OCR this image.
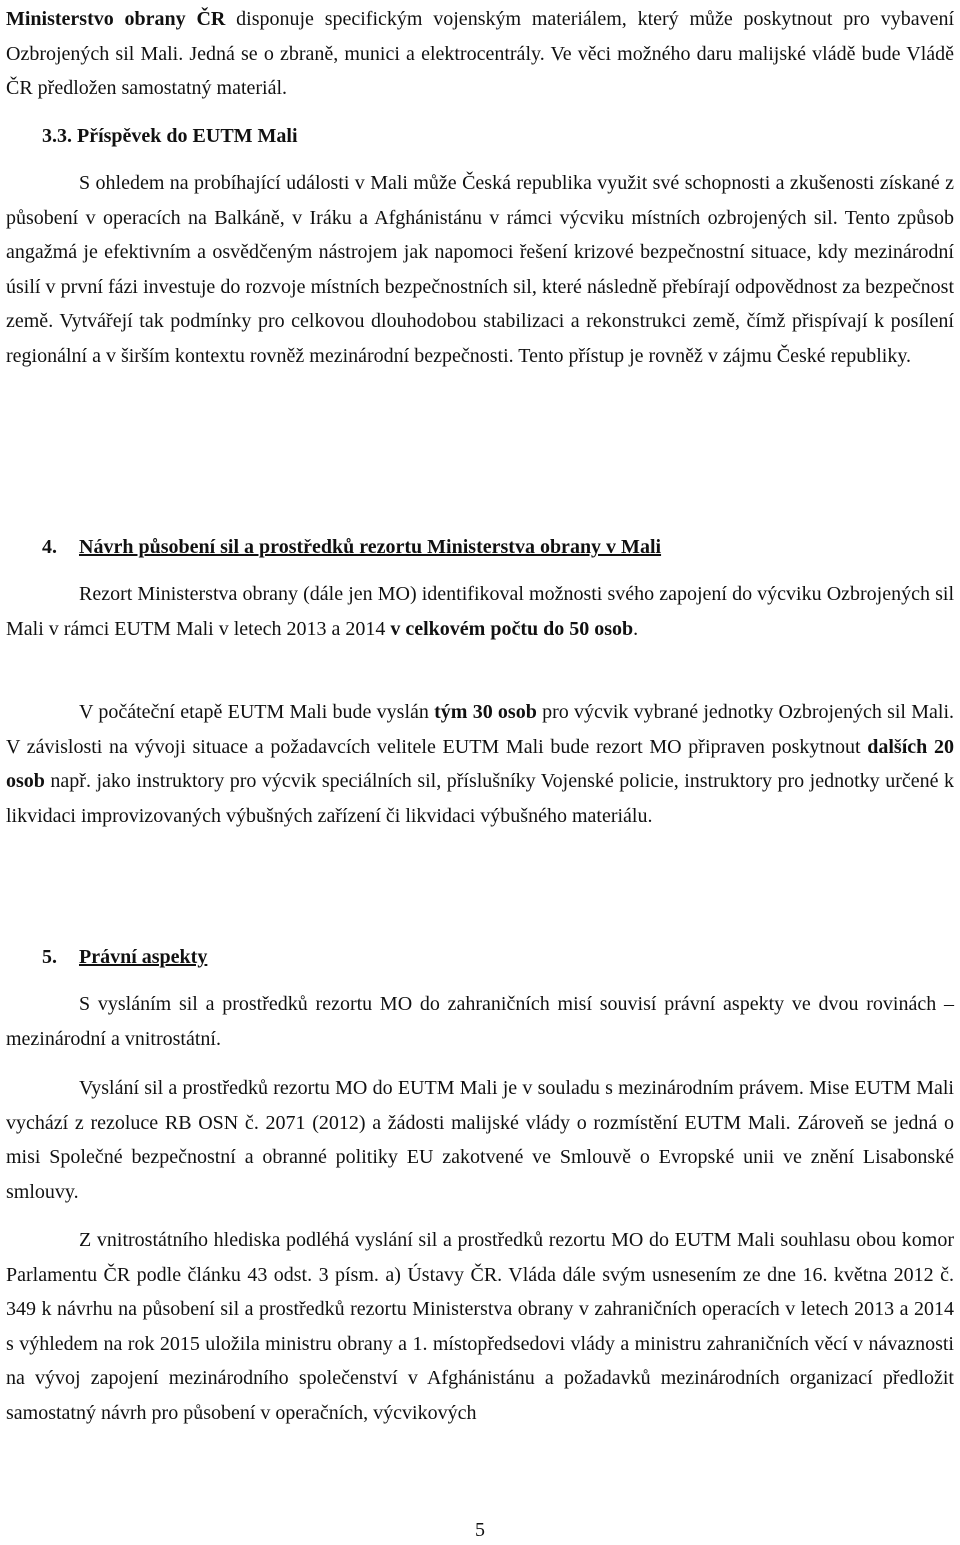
Ministerstvo obrany ČR disponuje specifickým vojenským materiálem, který může poskytnout pro vybavení Ozbrojených sil Mali. Jedná se o zbraně, munici a elektrocentrály. Ve věci možného daru malijské vládě bude Vládě ČR předložen samostatný materiál.

3.3. Příspěvek do EUTM Mali

S ohledem na probíhající události v Mali může Česká republika využit své schopnosti a zkušenosti získané z působení v operacích na Balkáně, v Iráku a Afghánistánu v rámci výcviku místních ozbrojených sil. Tento způsob angažmá je efektivním a osvědčeným nástrojem jak napomoci řešení krizové bezpečnostní situace, kdy mezinárodní úsilí v první fázi investuje do rozvoje místních bezpečnostních sil, které následně přebírají odpovědnost za bezpečnost země. Vytvářejí tak podmínky pro celkovou dlouhodobou stabilizaci a rekonstrukci země, čímž přispívají k posílení regionální a v širším kontextu rovněž mezinárodní bezpečnosti. Tento přístup je rovněž v zájmu České republiky.

4. Návrh působení sil a prostředků rezortu Ministerstva obrany v Mali

Rezort Ministerstva obrany (dále jen MO) identifikoval možnosti svého zapojení do výcviku Ozbrojených sil Mali v rámci EUTM Mali v letech 2013 a 2014 v celkovém počtu do 50 osob.

V počáteční etapě EUTM Mali bude vyslán tým 30 osob pro výcvik vybrané jednotky Ozbrojených sil Mali. V závislosti na vývoji situace a požadavcích velitele EUTM Mali bude rezort MO připraven poskytnout dalších 20 osob např. jako instruktory pro výcvik speciálních sil, příslušníky Vojenské policie, instruktory pro jednotky určené k likvidaci improvizovaných výbušných zařízení či likvidaci výbušného materiálu.

5. Právní aspekty

S vysláním sil a prostředků rezortu MO do zahraničních misí souvisí právní aspekty ve dvou rovinách – mezinárodní a vnitrostátní.

Vyslání sil a prostředků rezortu MO do EUTM Mali je v souladu s mezinárodním právem. Mise EUTM Mali vychází z rezoluce RB OSN č. 2071 (2012) a žádosti malijské vlády o rozmístění EUTM Mali. Zároveň se jedná o misi Společné bezpečnostní a obranné politiky EU zakotvené ve Smlouvě o Evropské unii ve znění Lisabonské smlouvy.

Z vnitrostátního hlediska podléhá vyslání sil a prostředků rezortu MO do EUTM Mali souhlasu obou komor Parlamentu ČR podle článku 43 odst. 3 písm. a) Ústavy ČR. Vláda dále svým usnesením ze dne 16. května 2012 č. 349 k návrhu na působení sil a prostředků rezortu Ministerstva obrany v zahraničních operacích v letech 2013 a 2014 s výhledem na rok 2015 uložila ministru obrany a 1. místopředsedovi vlády a ministru zahraničních věcí v návaznosti na vývoj zapojení mezinárodního společenství v Afghánistánu a požadavků mezinárodních organizací předložit samostatný návrh pro působení v operačních, výcvikových

5
